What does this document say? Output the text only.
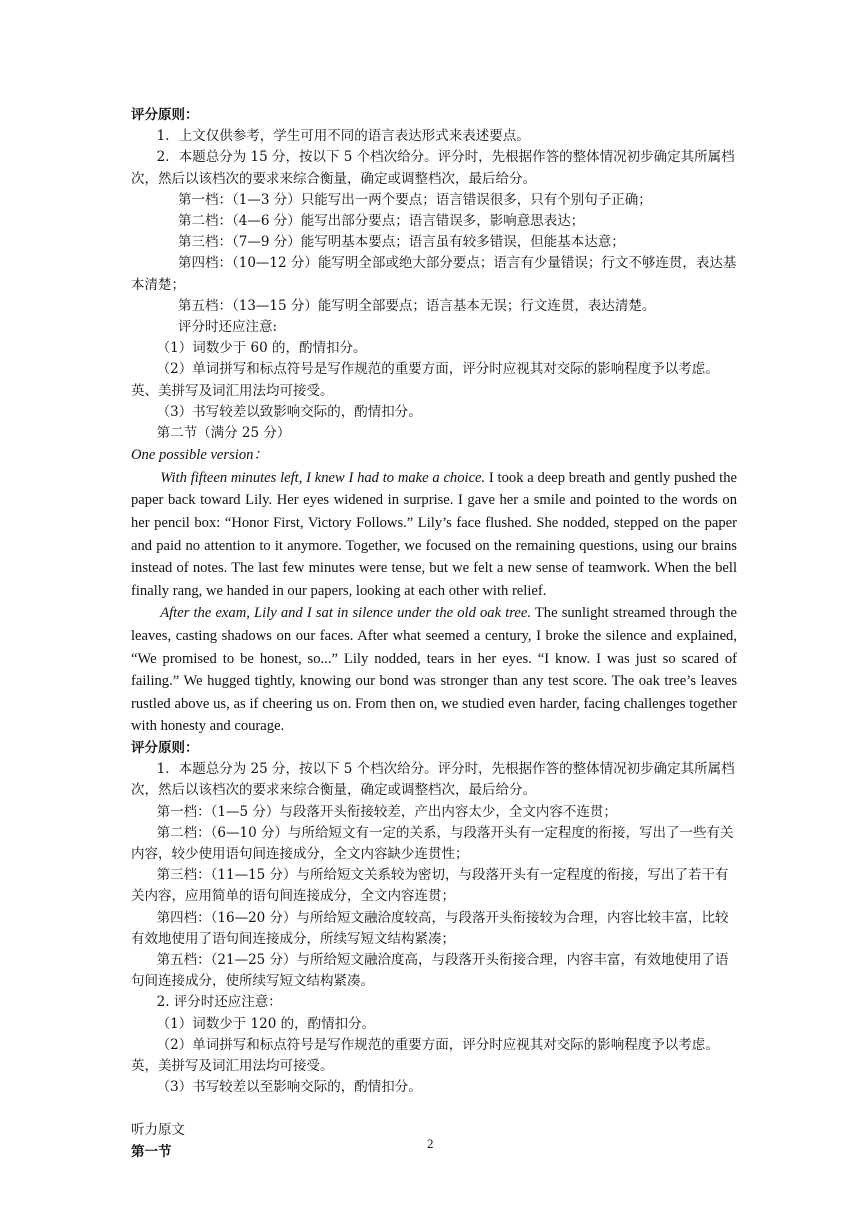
评分原则：
1．上文仅供参考，学生可用不同的语言表达形式来表述要点。
2．本题总分为 15 分，按以下 5 个档次给分。评分时，先根据作答的整体情况初步确定其所属档次，然后以该档次的要求来综合衡量，确定或调整档次，最后给分。
第一档：（1—3 分）只能写出一两个要点；语言错误很多，只有个别句子正确；
第二档：（4—6 分）能写出部分要点；语言错误多，影响意思表达；
第三档：（7—9 分）能写明基本要点；语言虽有较多错误，但能基本达意；
第四档：（10—12 分）能写明全部或绝大部分要点；语言有少量错误；行文不够连贯，表达基本清楚；
第五档：（13—15 分）能写明全部要点；语言基本无误；行文连贯，表达清楚。
评分时还应注意:
（1）词数少于 60 的，酌情扣分。
（2）单词拼写和标点符号是写作规范的重要方面，评分时应视其对交际的影响程度予以考虑。英、美拼写及词汇用法均可接受。
（3）书写较差以致影响交际的，酌情扣分。
第二节（满分 25 分）
One possible version：
With fifteen minutes left, I knew I had to make a choice. I took a deep breath and gently pushed the paper back toward Lily. Her eyes widened in surprise. I gave her a smile and pointed to the words on her pencil box: “Honor First, Victory Follows.” Lily’s face flushed. She nodded, stepped on the paper and paid no attention to it anymore. Together, we focused on the remaining questions, using our brains instead of notes. The last few minutes were tense, but we felt a new sense of teamwork. When the bell finally rang, we handed in our papers, looking at each other with relief.
After the exam, Lily and I sat in silence under the old oak tree. The sunlight streamed through the leaves, casting shadows on our faces. After what seemed a century, I broke the silence and explained, “We promised to be honest, so...” Lily nodded, tears in her eyes. “I know. I was just so scared of failing.” We hugged tightly, knowing our bond was stronger than any test score. The oak tree’s leaves rustled above us, as if cheering us on. From then on, we studied even harder, facing challenges together with honesty and courage.
评分原则：
1．本题总分为 25 分，按以下 5 个档次给分。评分时，先根据作答的整体情况初步确定其所属档次，然后以该档次的要求来综合衡量，确定或调整档次，最后给分。
第一档：（1—5 分）与段落开头衔接较差，产出内容太少，全文内容不连贯；
第二档：（6—10 分）与所给短文有一定的关系，与段落开头有一定程度的衔接，写出了一些有关内容，较少使用语句间连接成分，全文内容缺少连贯性；
第三档：（11—15 分）与所给短文关系较为密切，与段落开头有一定程度的衔接，写出了若干有关内容，应用简单的语句间连接成分，全文内容连贯；
第四档：（16—20 分）与所给短文融洽度较高，与段落开头衔接较为合理，内容比较丰富，比较有效地使用了语句间连接成分，所续写短文结构紧凑；
第五档：（21—25 分）与所给短文融洽度高，与段落开头衔接合理，内容丰富，有效地使用了语句间连接成分，使所续写短文结构紧凑。
2. 评分时还应注意：
（1）词数少于 120 的，酌情扣分。
（2）单词拼写和标点符号是写作规范的重要方面，评分时应视其对交际的影响程度予以考虑。英，美拼写及词汇用法均可接受。
（3）书写较差以至影响交际的，酌情扣分。
听力原文
第一节
2
